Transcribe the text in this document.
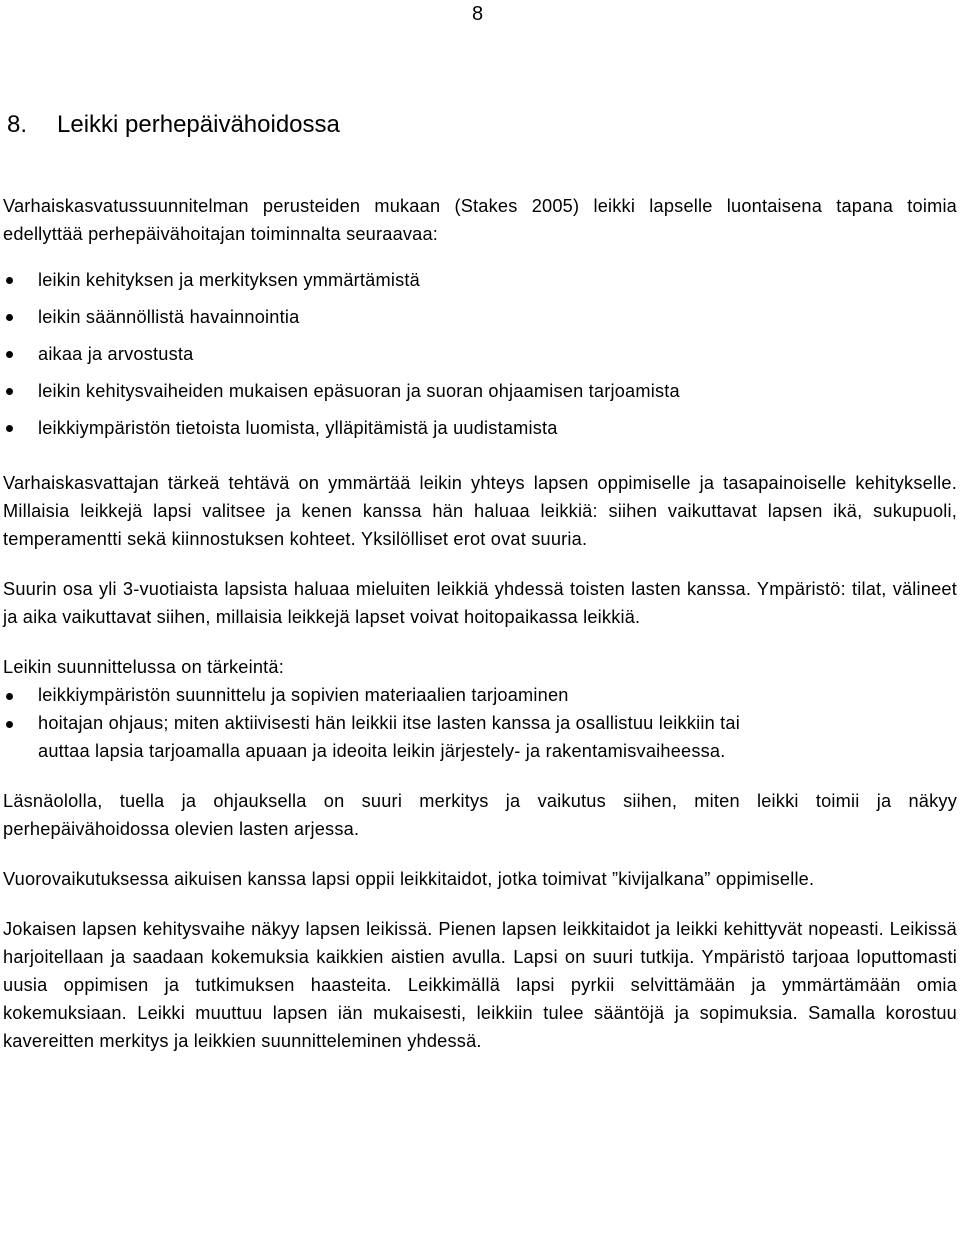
8
8. Leikki perhepäivähoidossa

Varhaiskasvatussuunnitelman perusteiden mukaan (Stakes 2005) leikki lapselle luontaisena tapana toimia edellyttää perhepäivähoitajan toiminnalta seuraavaa:

leikin kehityksen ja merkityksen ymmärtämistä
leikin säännöllistä havainnointia
aikaa ja arvostusta
leikin kehitysvaiheiden mukaisen epäsuoran ja suoran ohjaamisen tarjoamista
leikkiympäristön tietoista luomista, ylläpitämistä ja uudistamista

Varhaiskasvattajan tärkeä tehtävä on ymmärtää leikin yhteys lapsen oppimiselle ja tasapainoiselle kehitykselle. Millaisia leikkejä lapsi valitsee ja kenen kanssa hän haluaa leikkiä: siihen vaikuttavat lapsen ikä, sukupuoli, temperamentti sekä kiinnostuksen kohteet. Yksilölliset erot ovat suuria.

Suurin osa yli 3-vuotiaista lapsista haluaa mieluiten leikkiä yhdessä toisten lasten kanssa. Ympäristö: tilat, välineet ja aika vaikuttavat siihen, millaisia leikkejä lapset voivat hoitopaikassa leikkiä.

Leikin suunnittelussa on tärkeintä:

leikkiympäristön suunnittelu ja sopivien materiaalien tarjoaminen
hoitajan ohjaus; miten aktiivisesti hän leikkii itse lasten kanssa ja osallistuu leikkiin tai auttaa lapsia tarjoamalla apuaan ja ideoita leikin järjestely- ja rakentamisvaiheessa.

Läsnäololla, tuella ja ohjauksella on suuri merkitys ja vaikutus siihen, miten leikki toimii ja näkyy perhepäivähoidossa olevien lasten arjessa.

Vuorovaikutuksessa aikuisen kanssa lapsi oppii leikkitaidot, jotka toimivat ”kivijalkana” oppimiselle.

Jokaisen lapsen kehitysvaihe näkyy lapsen leikissä. Pienen lapsen leikkitaidot ja leikki kehittyvät nopeasti. Leikissä harjoitellaan ja saadaan kokemuksia kaikkien aistien avulla. Lapsi on suuri tutkija. Ympäristö tarjoaa loputtomasti uusia oppimisen ja tutkimuksen haasteita. Leikkimällä lapsi pyrkii selvittämään ja ymmärtämään omia kokemuksiaan. Leikki muuttuu lapsen iän mukaisesti, leikkiin tulee sääntöjä ja sopimuksia. Samalla korostuu kavereitten merkitys ja leikkien suunnitteleminen yhdessä.
